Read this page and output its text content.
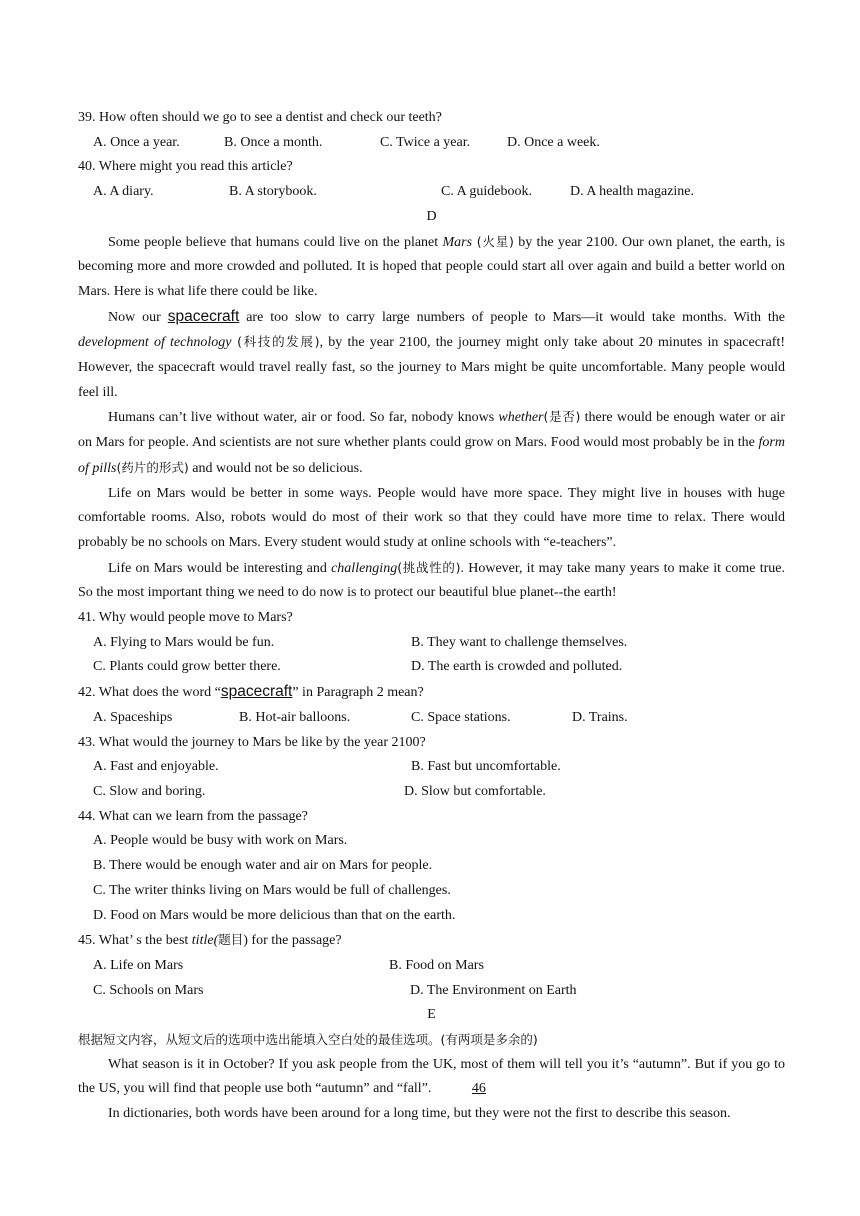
39. How often should we go to see a dentist and check our teeth?
A. Once a year.	B. Once a month.	C. Twice a year.	D. Once a week.
40. Where might you read this article?
A. A diary.	B. A storybook.	C. A guidebook.	D. A health magazine.
D
Some people believe that humans could live on the planet Mars (火星) by the year 2100. Our own planet, the earth, is becoming more and more crowded and polluted. It is hoped that people could start all over again and build a better world on Mars. Here is what life there could be like.
Now our spacecraft are too slow to carry large numbers of people to Mars—it would take months. With the development of technology (科技的发展), by the year 2100, the journey might only take about 20 minutes in spacecraft! However, the spacecraft would travel really fast, so the journey to Mars might be quite uncomfortable. Many people would feel ill.
Humans can’t live without water, air or food. So far, nobody knows whether(是否) there would be enough water or air on Mars for people. And scientists are not sure whether plants could grow on Mars. Food would most probably be in the form of pills(药片的形式) and would not be so delicious.
Life on Mars would be better in some ways. People would have more space. They might live in houses with huge comfortable rooms. Also, robots would do most of their work so that they could have more time to relax. There would probably be no schools on Mars. Every student would study at online schools with “e-teachers”.
Life on Mars would be interesting and challenging(挑战性的). However, it may take many years to make it come true. So the most important thing we need to do now is to protect our beautiful blue planet--the earth!
41. Why would people move to Mars?
A. Flying to Mars would be fun.	B. They want to challenge themselves.
C. Plants could grow better there.	D. The earth is crowded and polluted.
42. What does the word “spacecraft” in Paragraph 2 mean?
A. Spaceships	B. Hot-air balloons.	C. Space stations.	D. Trains.
43. What would the journey to Mars be like by the year 2100?
A. Fast and enjoyable.	B. Fast but uncomfortable.
C. Slow and boring.	D. Slow but comfortable.
44. What can we learn from the passage?
A. People would be busy with work on Mars.
B. There would be enough water and air on Mars for people.
C. The writer thinks living on Mars would be full of challenges.
D. Food on Mars would be more delicious than that on the earth.
45. What’ s the best title(题目) for the passage?
A. Life on Mars	B. Food on Mars
C. Schools on Mars	D. The Environment on Earth
E
根据短文内容，从短文后的选项中选出能填入空白处的最佳选项。(有两项是多余的)
What season is it in October? If you ask people from the UK, most of them will tell you it’s “autumn”. But if you go to the US, you will find that people use both “autumn” and “fall”.	46
In dictionaries, both words have been around for a long time, but they were not the first to describe this season.
